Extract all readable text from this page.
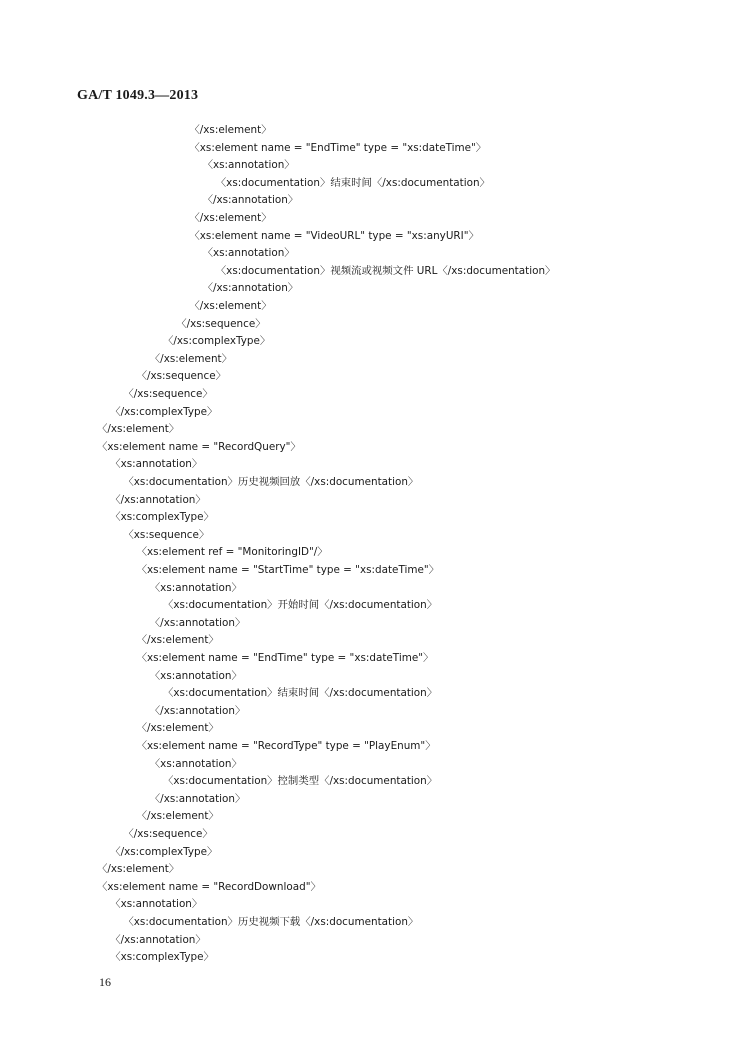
GA/T 1049.3—2013
〈/xs:element〉
〈xs:element name = "EndTime" type = "xs:dateTime"〉
〈xs:annotation〉
〈xs:documentation〉结束时间〈/xs:documentation〉
〈/xs:annotation〉
〈/xs:element〉
〈xs:element name = "VideoURL" type = "xs:anyURI"〉
〈xs:annotation〉
〈xs:documentation〉视频流或视频文件 URL〈/xs:documentation〉
〈/xs:annotation〉
〈/xs:element〉
〈/xs:sequence〉
〈/xs:complexType〉
〈/xs:element〉
〈/xs:sequence〉
〈/xs:sequence〉
〈/xs:complexType〉
〈/xs:element〉
〈xs:element name = "RecordQuery"〉
〈xs:annotation〉
〈xs:documentation〉历史视频回放〈/xs:documentation〉
〈/xs:annotation〉
〈xs:complexType〉
〈xs:sequence〉
〈xs:element ref = "MonitoringID"/〉
〈xs:element name = "StartTime" type = "xs:dateTime"〉
〈xs:annotation〉
〈xs:documentation〉开始时间〈/xs:documentation〉
〈/xs:annotation〉
〈/xs:element〉
〈xs:element name = "EndTime" type = "xs:dateTime"〉
〈xs:annotation〉
〈xs:documentation〉结束时间〈/xs:documentation〉
〈/xs:annotation〉
〈/xs:element〉
〈xs:element name = "RecordType" type = "PlayEnum"〉
〈xs:annotation〉
〈xs:documentation〉控制类型〈/xs:documentation〉
〈/xs:annotation〉
〈/xs:element〉
〈/xs:sequence〉
〈/xs:complexType〉
〈/xs:element〉
〈xs:element name = "RecordDownload"〉
〈xs:annotation〉
〈xs:documentation〉历史视频下载〈/xs:documentation〉
〈/xs:annotation〉
〈xs:complexType〉
16
